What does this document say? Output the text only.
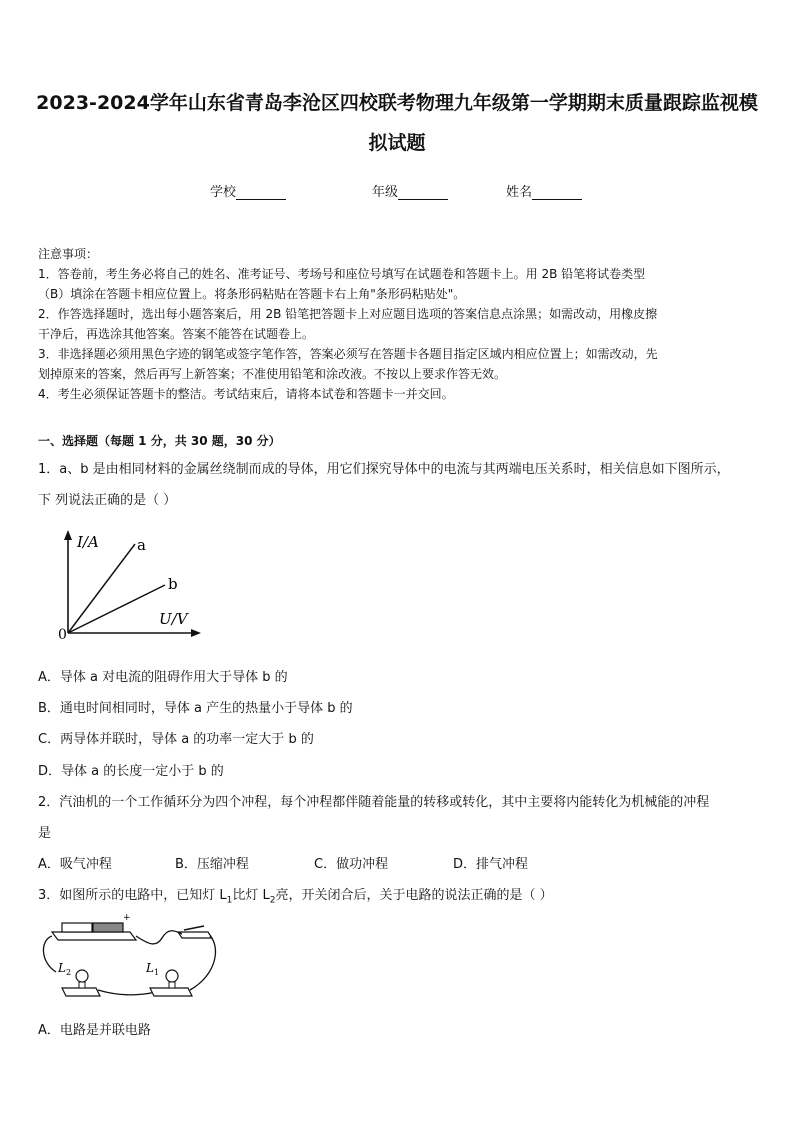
2023-2024学年山东省青岛李沧区四校联考物理九年级第一学期期末质量跟踪监视模
拟试题
学校	年级	姓名
注意事项：
1．答卷前，考生务必将自己的姓名、准考证号、考场号和座位号填写在试题卷和答题卡上。用 2B 铅笔将试卷类型
（B）填涂在答题卡相应位置上。将条形码粘贴在答题卡右上角"条形码粘贴处"。
2．作答选择题时，选出每小题答案后，用 2B 铅笔把答题卡上对应题目选项的答案信息点涂黑；如需改动，用橡皮擦
干净后，再选涂其他答案。答案不能答在试题卷上。
3．非选择题必须用黑色字迹的钢笔或签字笔作答，答案必须写在答题卡各题目指定区域内相应位置上；如需改动，先
划掉原来的答案，然后再写上新答案；不准使用铅笔和涂改液。不按以上要求作答无效。
4．考生必须保证答题卡的整洁。考试结束后，请将本试卷和答题卡一并交回。
一、选择题（每题 1 分，共 30 题，30 分）
1．a、b 是由相同材料的金属丝绕制而成的导体，用它们探究导体中的电流与其两端电压关系时，相关信息如下图所示，
下 列说法正确的是（ ）
I/A	a
b
U/V
0
A．导体 a 对电流的阻碍作用大于导体 b 的
B．通电时间相同时，导体 a 产生的热量小于导体 b 的
C．两导体并联时，导体 a 的功率一定大于 b 的
D．导体 a 的长度一定小于 b 的
2．汽油机的一个工作循环分为四个冲程，每个冲程都伴随着能量的转移或转化，其中主要将内能转化为机械能的冲程
是
A．吸气冲程	B．压缩冲程	C．做功冲程	D．排气冲程
3．如图所示的电路中，已知灯 $L_1$比灯 $L_2$亮，开关闭合后，关于电路的说法正确的是（ ）
+
L 2	L 1
A．电路是并联电路
